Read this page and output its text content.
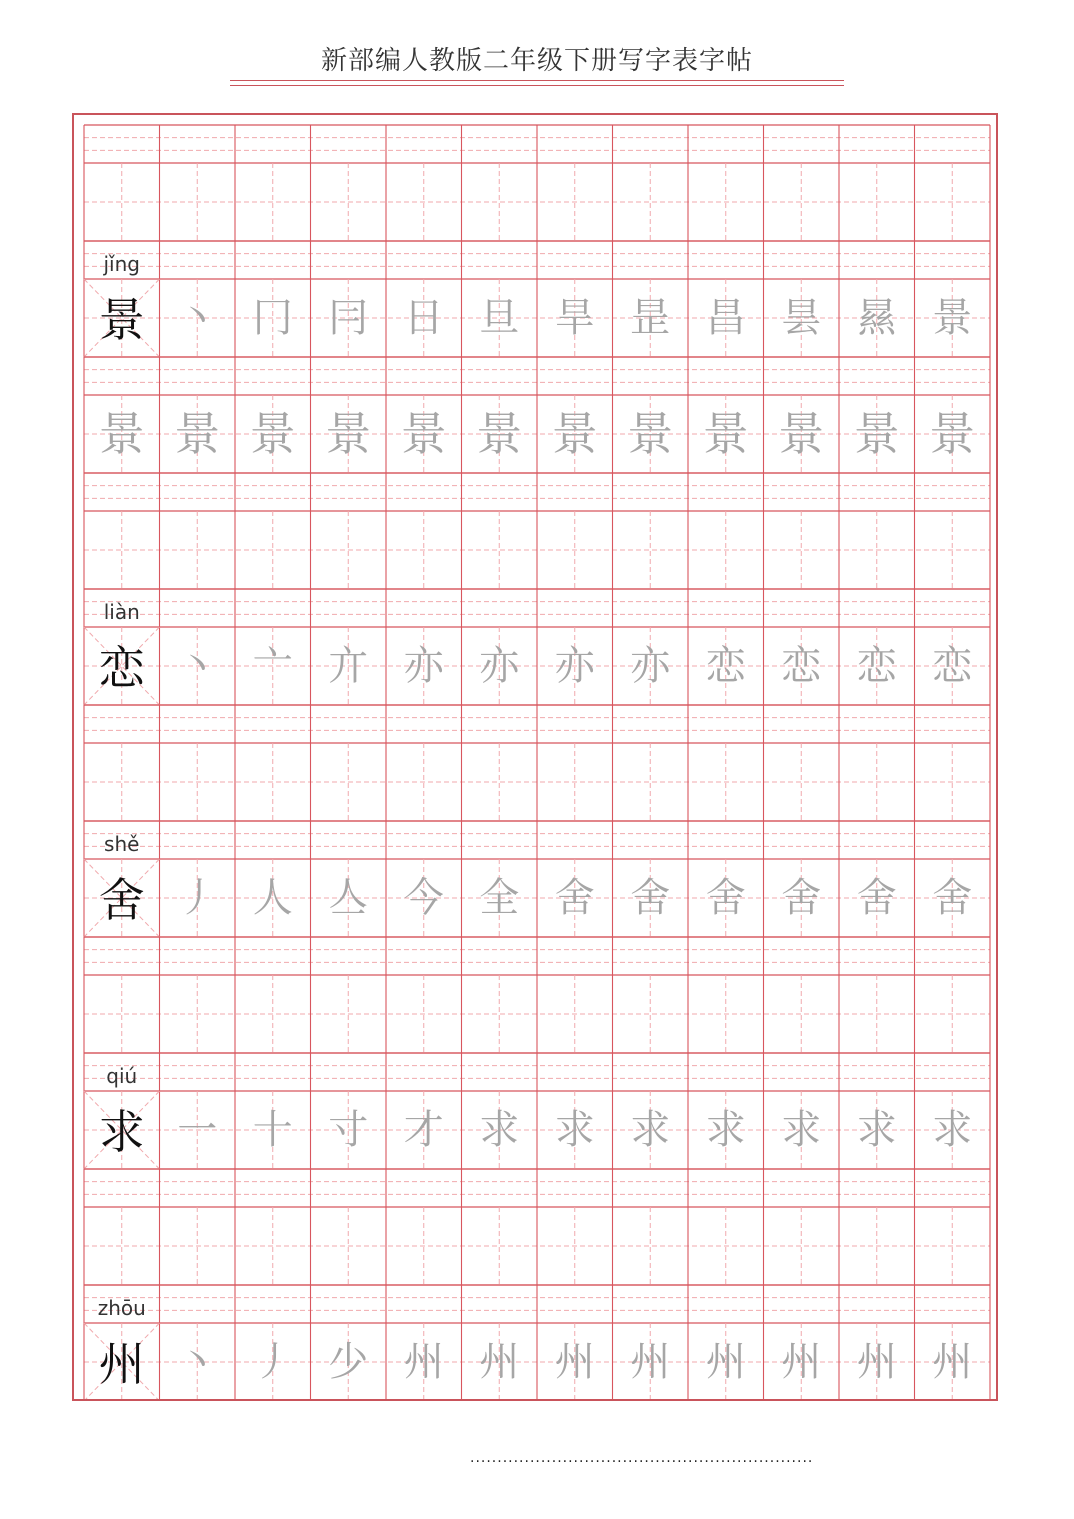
新部编人教版二年级下册写字表字帖
jǐng
景 丶 冂 冃 日 旦 旱 昰 昌 昙 㬎 景
景 景 景 景 景 景 景 景 景 景 景 景
liàn
恋 丶 亠 亣 亦 亦 亦 亦 恋 恋 恋 恋
shě
舍 丿 人 亼 今 全 舍 舍 舍 舍 舍 舍
qiú
求 一 十 寸 才 求 求 求 求 求 求 求
zhōu
州 丶 丿 少 州 州 州 州 州 州 州 州
·······························································
